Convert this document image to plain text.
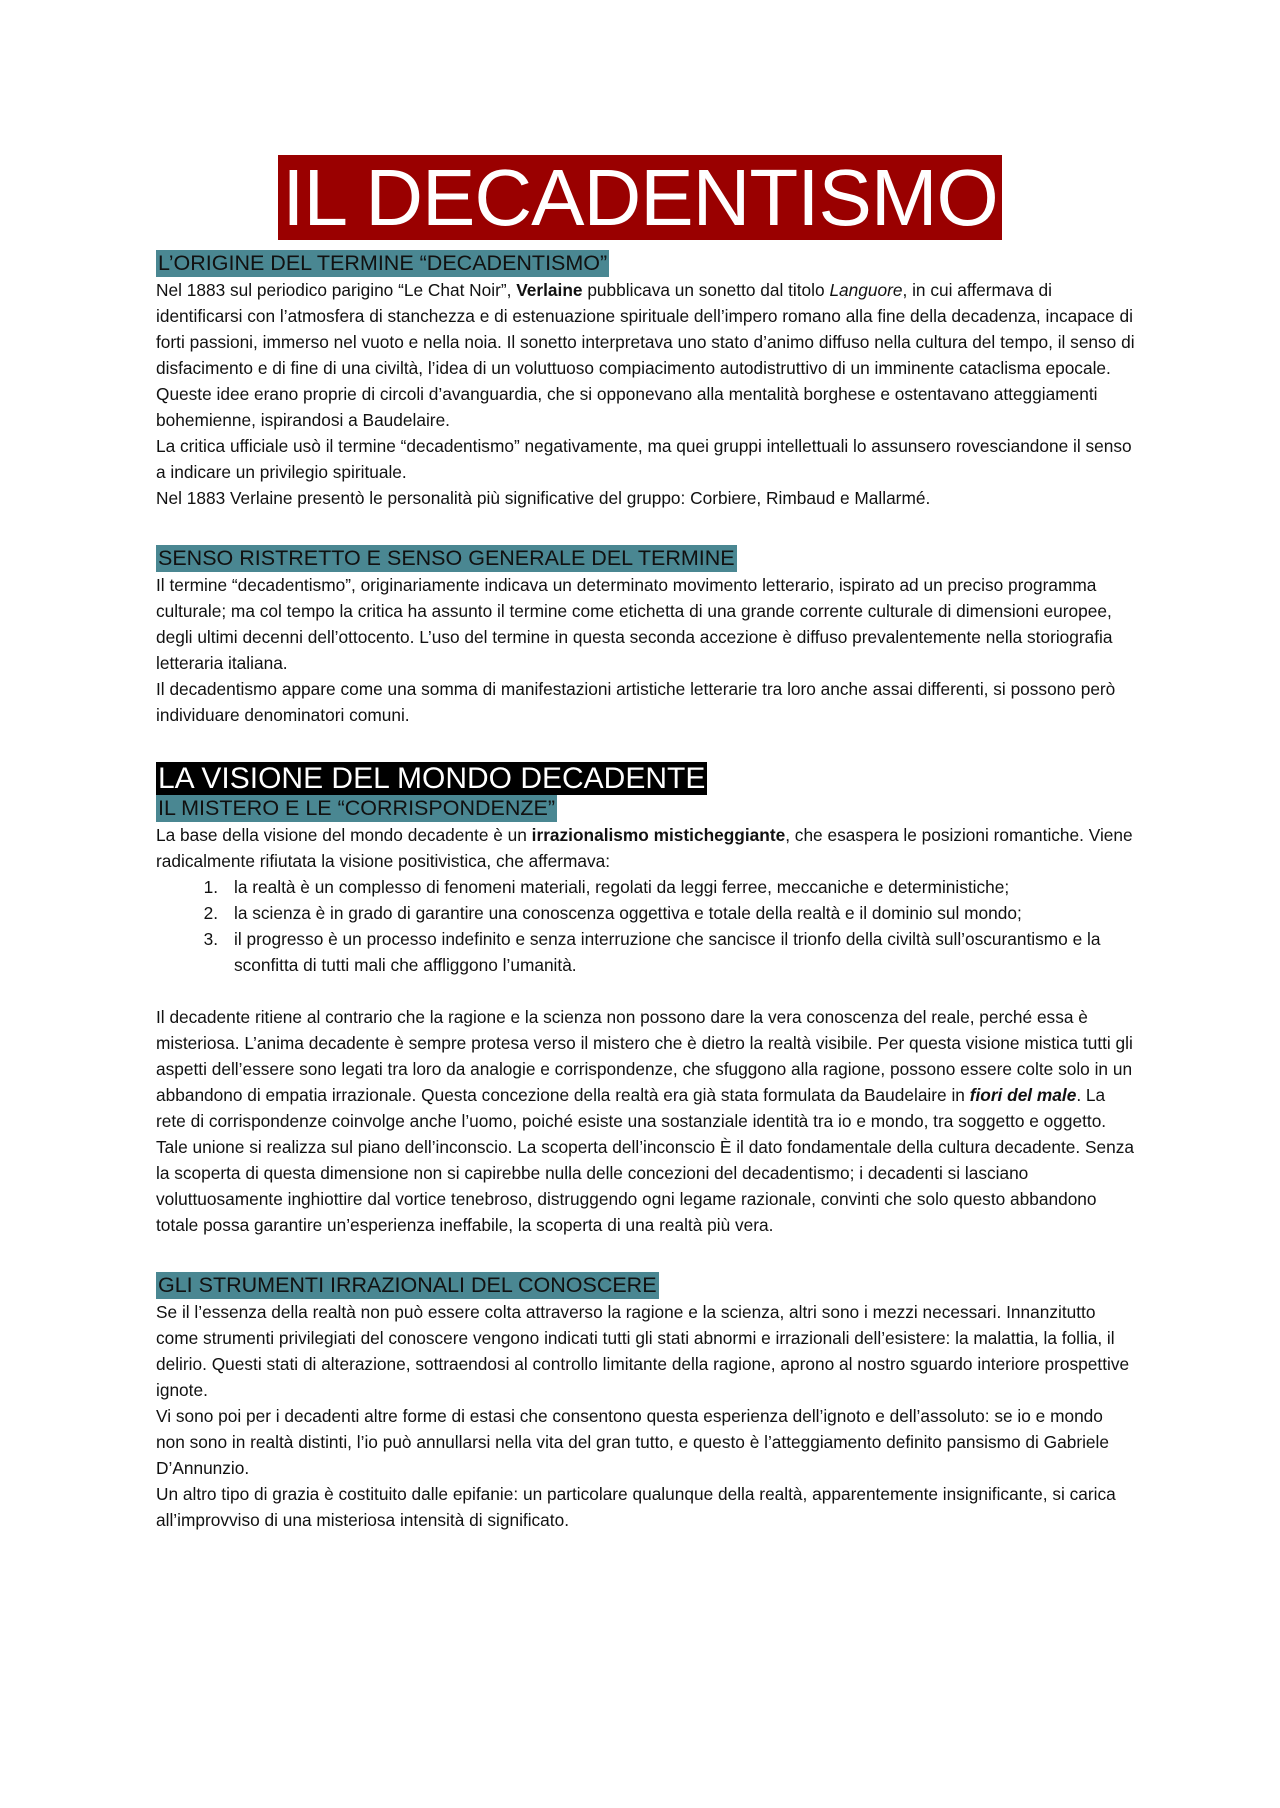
IL DECADENTISMO
L’ORIGINE DEL TERMINE “DECADENTISMO”

Nel 1883 sul periodico parigino “Le Chat Noir”, Verlaine pubblicava un sonetto dal titolo Languore, in cui affermava di identificarsi con l’atmosfera di stanchezza e di estenuazione spirituale dell’impero romano alla fine della decadenza, incapace di forti passioni, immerso nel vuoto e nella noia. Il sonetto interpretava uno stato d’animo diffuso nella cultura del tempo, il senso di disfacimento e di fine di una civiltà, l’idea di un voluttuoso compiacimento autodistruttivo di un imminente cataclisma epocale.

Queste idee erano proprie di circoli d’avanguardia, che si opponevano alla mentalità borghese e ostentavano atteggiamenti bohemienne, ispirandosi a Baudelaire.

La critica ufficiale usò il termine “decadentismo” negativamente, ma quei gruppi intellettuali lo assunsero rovesciandone il senso a indicare un privilegio spirituale.

Nel 1883 Verlaine presentò le personalità più significative del gruppo: Corbiere, Rimbaud e Mallarmé.

SENSO RISTRETTO E SENSO GENERALE DEL TERMINE

Il termine “decadentismo”, originariamente indicava un determinato movimento letterario, ispirato ad un preciso programma culturale; ma col tempo la critica ha assunto il termine come etichetta di una grande corrente culturale di dimensioni europee, degli ultimi decenni dell’ottocento. L’uso del termine in questa seconda accezione è diffuso prevalentemente nella storiografia letteraria italiana.

Il decadentismo appare come una somma di manifestazioni artistiche letterarie tra loro anche assai differenti, si possono però individuare denominatori comuni.

LA VISIONE DEL MONDO DECADENTE
IL MISTERO E LE “CORRISPONDENZE”

La base della visione del mondo decadente è un irrazionalismo misticheggiante, che esaspera le posizioni romantiche. Viene radicalmente rifiutata la visione positivistica, che affermava:

1. la realtà è un complesso di fenomeni materiali, regolati da leggi ferree, meccaniche e deterministiche;
2. la scienza è in grado di garantire una conoscenza oggettiva e totale della realtà e il dominio sul mondo;
3. il progresso è un processo indefinito e senza interruzione che sancisce il trionfo della civiltà sull’oscurantismo e la sconfitta di tutti mali che affliggono l’umanità.

Il decadente ritiene al contrario che la ragione e la scienza non possono dare la vera conoscenza del reale, perché essa è misteriosa. L’anima decadente è sempre protesa verso il mistero che è dietro la realtà visibile. Per questa visione mistica tutti gli aspetti dell’essere sono legati tra loro da analogie e corrispondenze, che sfuggono alla ragione, possono essere colte solo in un abbandono di empatia irrazionale. Questa concezione della realtà era già stata formulata da Baudelaire in fiori del male. La rete di corrispondenze coinvolge anche l’uomo, poiché esiste una sostanziale identità tra io e mondo, tra soggetto e oggetto. Tale unione si realizza sul piano dell’inconscio. La scoperta dell’inconscio È il dato fondamentale della cultura decadente. Senza la scoperta di questa dimensione non si capirebbe nulla delle concezioni del decadentismo; i decadenti si lasciano voluttuosamente inghiottire dal vortice tenebroso, distruggendo ogni legame razionale, convinti che solo questo abbandono totale possa garantire un’esperienza ineffabile, la scoperta di una realtà più vera.

GLI STRUMENTI IRRAZIONALI DEL CONOSCERE

Se il l’essenza della realtà non può essere colta attraverso la ragione e la scienza, altri sono i mezzi necessari. Innanzitutto come strumenti privilegiati del conoscere vengono indicati tutti gli stati abnormi e irrazionali dell’esistere: la malattia, la follia, il delirio. Questi stati di alterazione, sottraendosi al controllo limitante della ragione, aprono al nostro sguardo interiore prospettive ignote.

Vi sono poi per i decadenti altre forme di estasi che consentono questa esperienza dell’ignoto e dell’assoluto: se io e mondo non sono in realtà distinti, l’io può annullarsi nella vita del gran tutto, e questo è l’atteggiamento definito pansismo di Gabriele D’Annunzio.

Un altro tipo di grazia è costituito dalle epifanie: un particolare qualunque della realtà, apparentemente insignificante, si carica all’improvviso di una misteriosa intensità di significato.
